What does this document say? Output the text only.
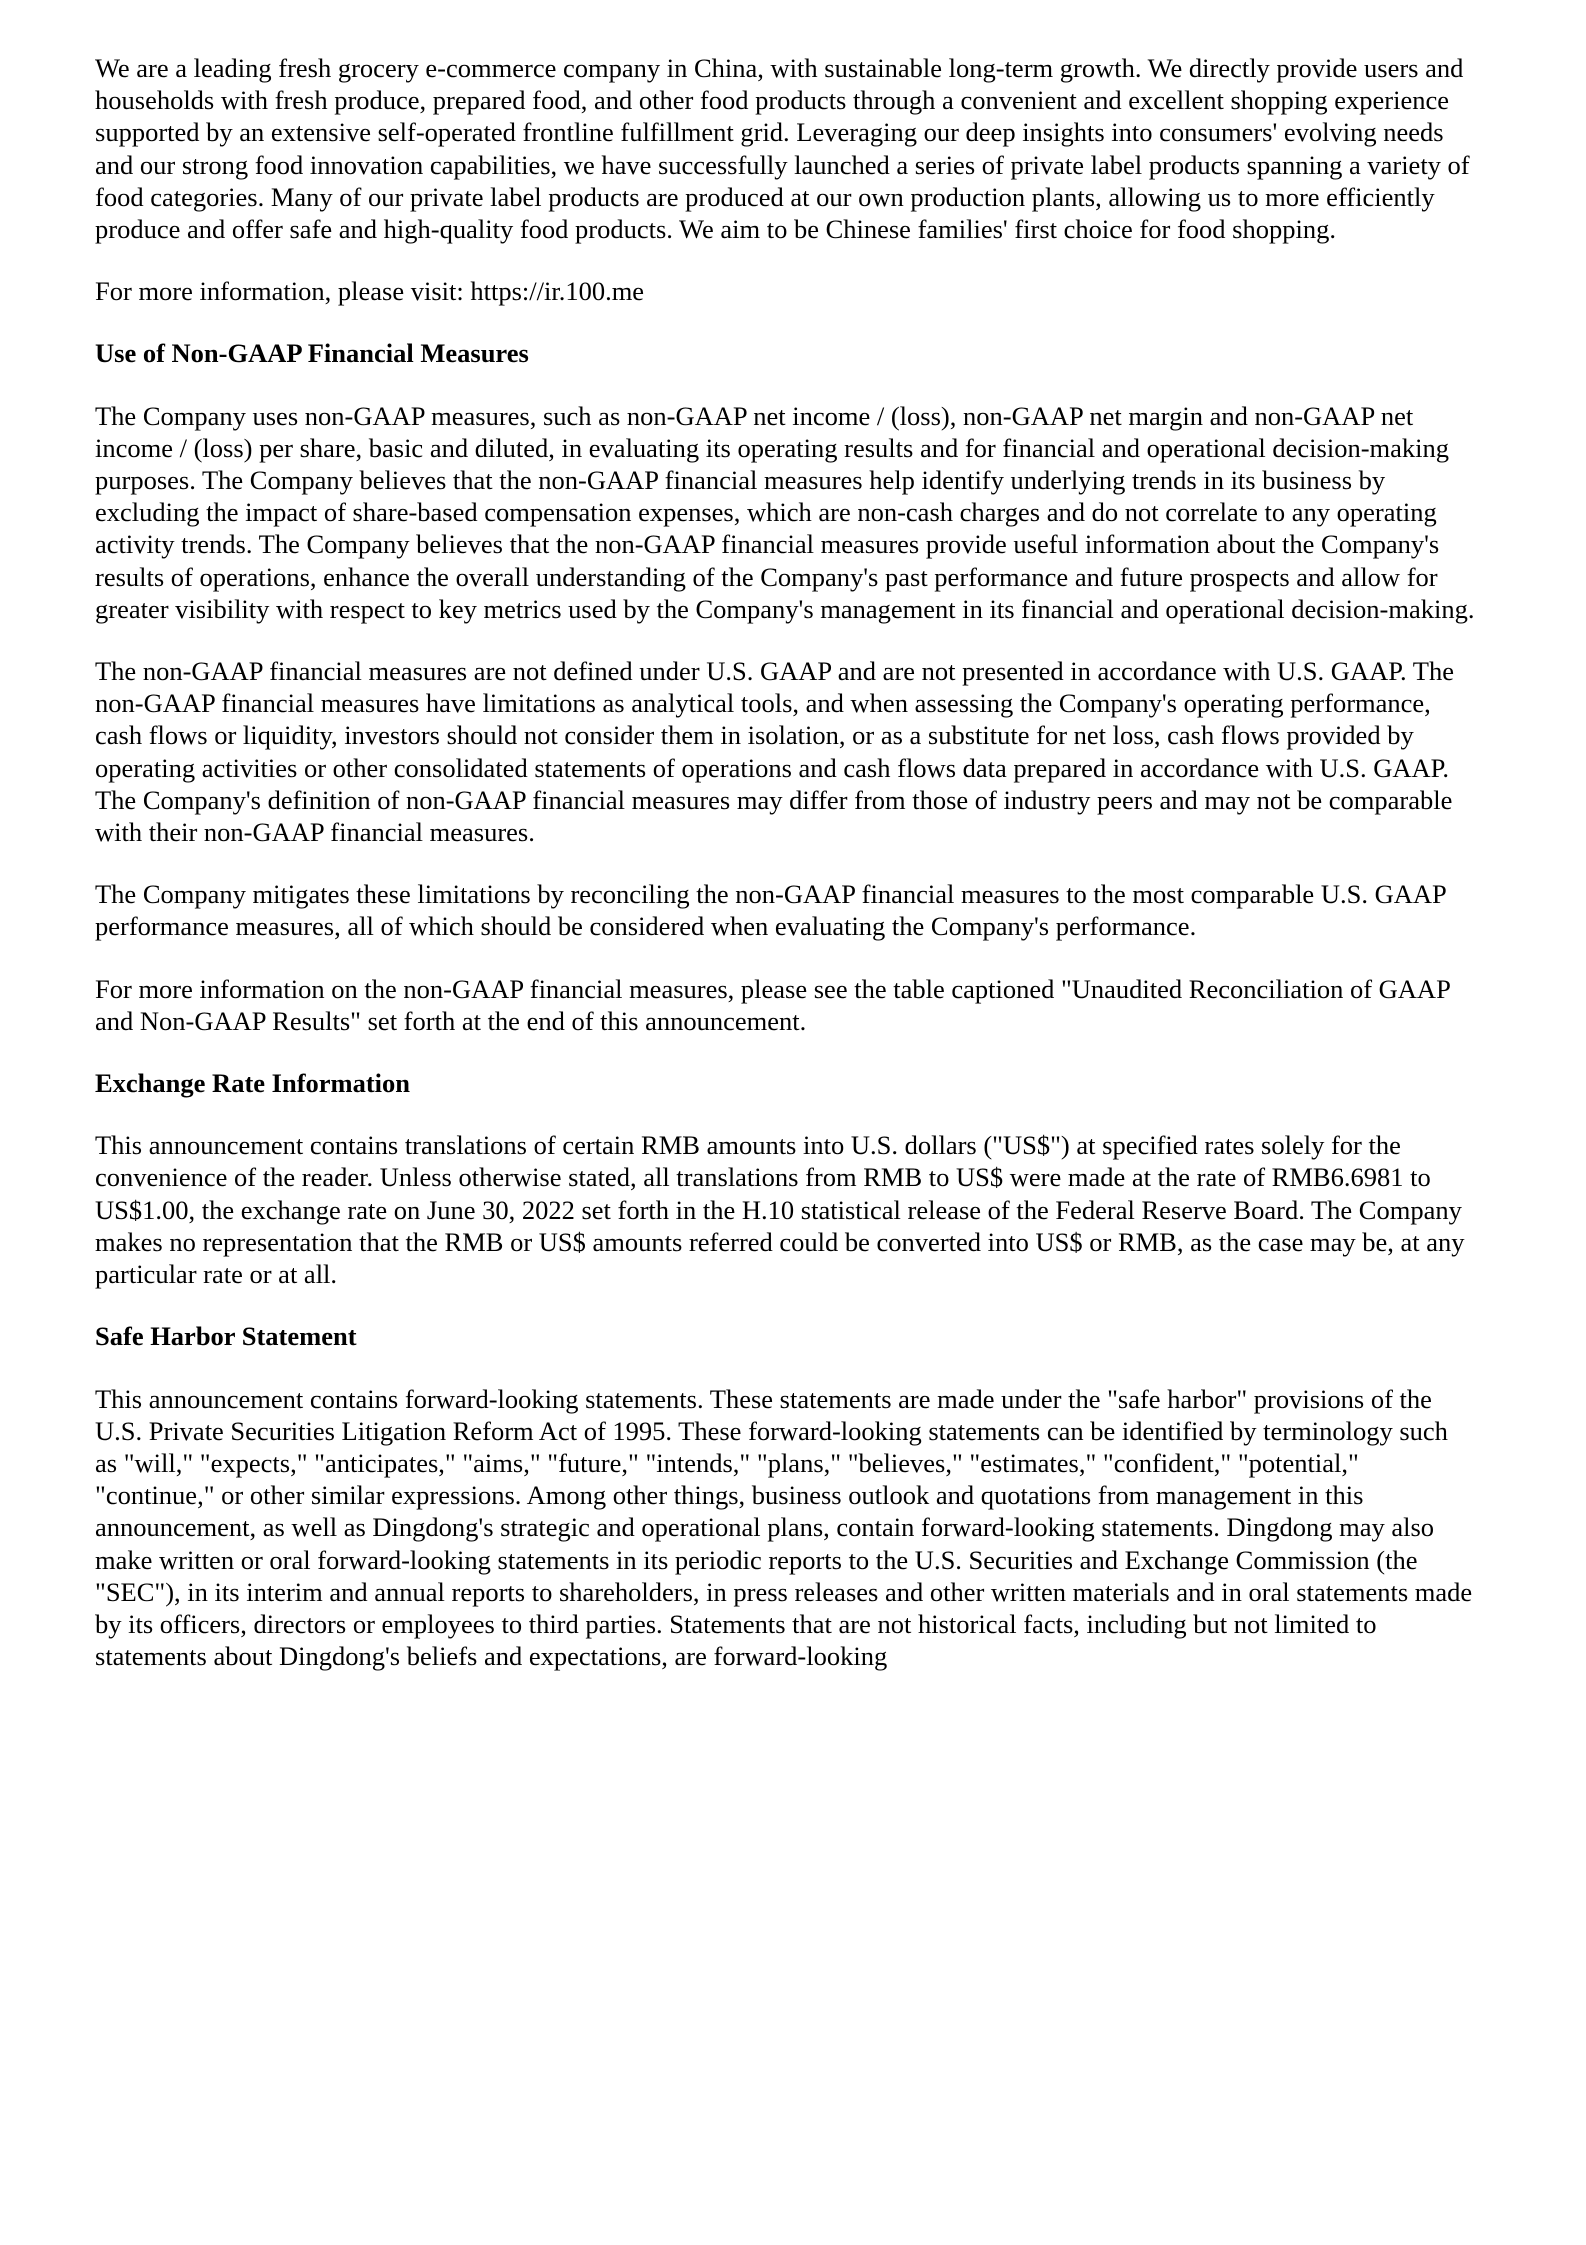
We are a leading fresh grocery e-commerce company in China, with sustainable long-term growth. We directly provide users and households with fresh produce, prepared food, and other food products through a convenient and excellent shopping experience supported by an extensive self-operated frontline fulfillment grid. Leveraging our deep insights into consumers' evolving needs and our strong food innovation capabilities, we have successfully launched a series of private label products spanning a variety of food categories. Many of our private label products are produced at our own production plants, allowing us to more efficiently produce and offer safe and high-quality food products. We aim to be Chinese families' first choice for food shopping.

For more information, please visit: https://ir.100.me

Use of Non-GAAP Financial Measures

The Company uses non-GAAP measures, such as non-GAAP net income / (loss), non-GAAP net margin and non-GAAP net income / (loss) per share, basic and diluted, in evaluating its operating results and for financial and operational decision-making purposes. The Company believes that the non-GAAP financial measures help identify underlying trends in its business by excluding the impact of share-based compensation expenses, which are non-cash charges and do not correlate to any operating activity trends. The Company believes that the non-GAAP financial measures provide useful information about the Company's results of operations, enhance the overall understanding of the Company's past performance and future prospects and allow for greater visibility with respect to key metrics used by the Company's management in its financial and operational decision-making.

The non-GAAP financial measures are not defined under U.S. GAAP and are not presented in accordance with U.S. GAAP. The non-GAAP financial measures have limitations as analytical tools, and when assessing the Company's operating performance, cash flows or liquidity, investors should not consider them in isolation, or as a substitute for net loss, cash flows provided by operating activities or other consolidated statements of operations and cash flows data prepared in accordance with U.S. GAAP. The Company's definition of non-GAAP financial measures may differ from those of industry peers and may not be comparable with their non-GAAP financial measures.

The Company mitigates these limitations by reconciling the non-GAAP financial measures to the most comparable U.S. GAAP performance measures, all of which should be considered when evaluating the Company's performance.

For more information on the non-GAAP financial measures, please see the table captioned "Unaudited Reconciliation of GAAP and Non-GAAP Results" set forth at the end of this announcement.

Exchange Rate Information

This announcement contains translations of certain RMB amounts into U.S. dollars ("US$") at specified rates solely for the convenience of the reader. Unless otherwise stated, all translations from RMB to US$ were made at the rate of RMB6.6981 to US$1.00, the exchange rate on June 30, 2022 set forth in the H.10 statistical release of the Federal Reserve Board. The Company makes no representation that the RMB or US$ amounts referred could be converted into US$ or RMB, as the case may be, at any particular rate or at all.

Safe Harbor Statement

This announcement contains forward-looking statements. These statements are made under the "safe harbor" provisions of the U.S. Private Securities Litigation Reform Act of 1995. These forward-looking statements can be identified by terminology such as "will," "expects," "anticipates," "aims," "future," "intends," "plans," "believes," "estimates," "confident," "potential," "continue," or other similar expressions. Among other things, business outlook and quotations from management in this announcement, as well as Dingdong's strategic and operational plans, contain forward-looking statements. Dingdong may also make written or oral forward-looking statements in its periodic reports to the U.S. Securities and Exchange Commission (the "SEC"), in its interim and annual reports to shareholders, in press releases and other written materials and in oral statements made by its officers, directors or employees to third parties. Statements that are not historical facts, including but not limited to statements about Dingdong's beliefs and expectations, are forward-looking
